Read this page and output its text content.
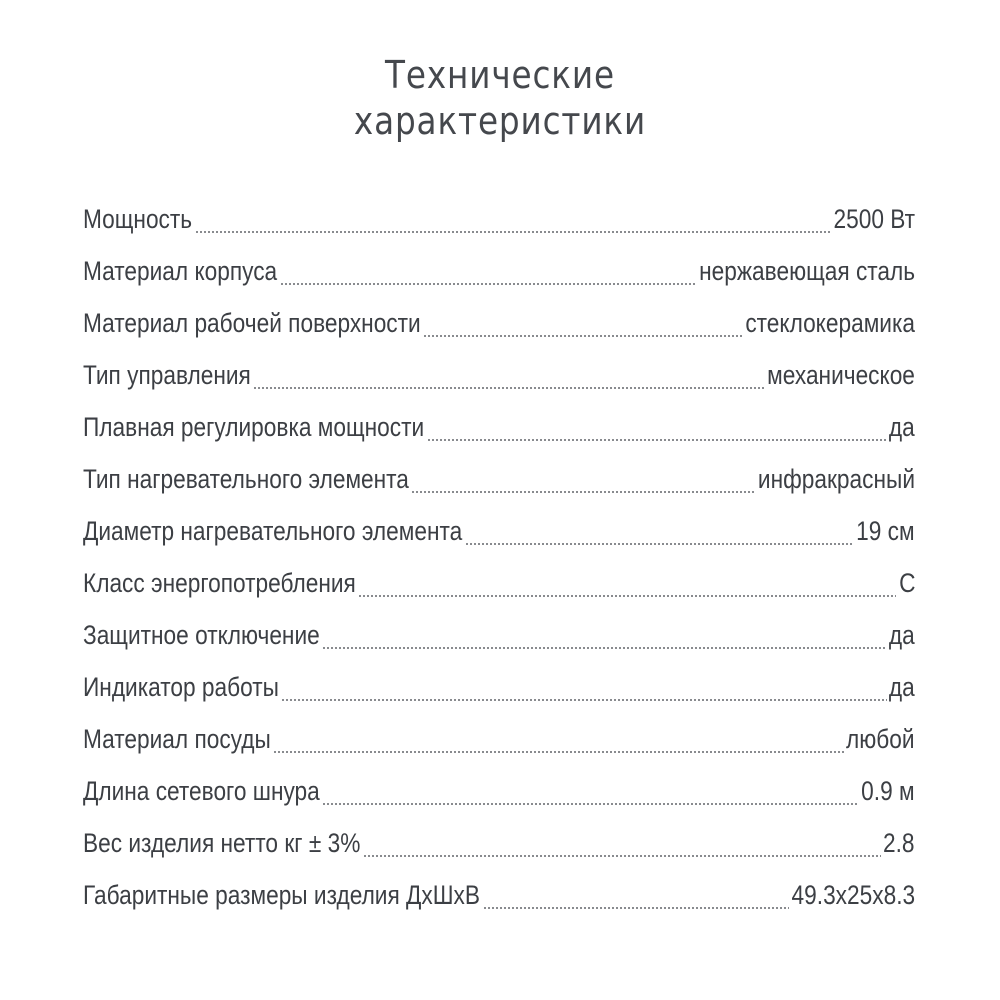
Технические
характеристики
Мощность	2500 Вт
Материал корпуса	нержавеющая сталь
Материал рабочей поверхности	стеклокерамика
Тип управления	механическое
Плавная регулировка мощности	да
Тип нагревательного элемента	инфракрасный
Диаметр нагревательного элемента	19 см
Класс энергопотребления	C
Защитное отключение	да
Индикатор работы	да
Материал посуды	любой
Длина сетевого шнура	0.9 м
Вес изделия нетто кг ± 3%	2.8
Габаритные размеры изделия ДхШхВ	49.3x25x8.3
